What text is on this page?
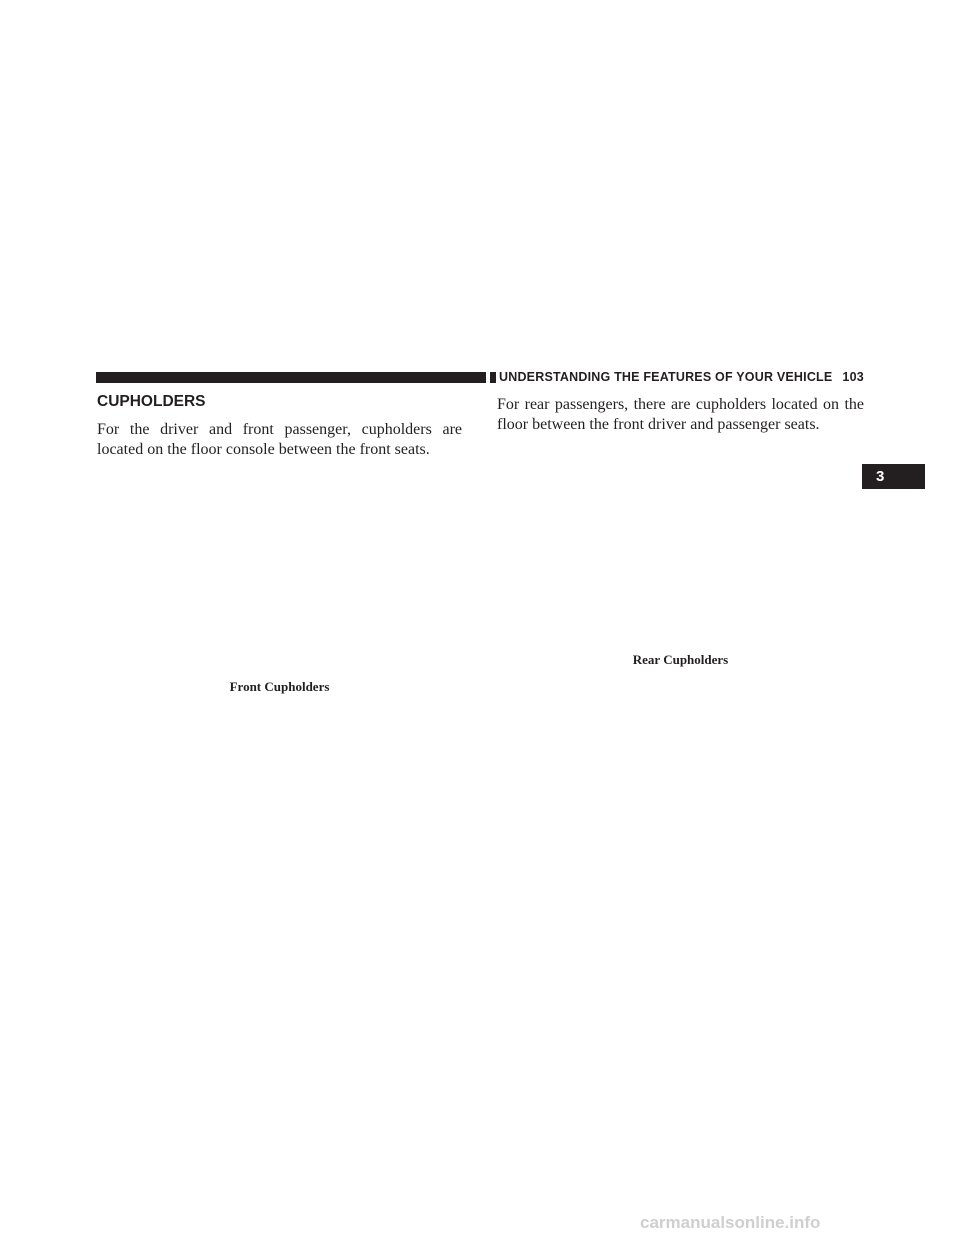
UNDERSTANDING THE FEATURES OF YOUR VEHICLE 103
CUPHOLDERS

For the driver and front passenger, cupholders are located on the floor console between the front seats.

For rear passengers, there are cupholders located on the floor between the front driver and passenger seats.

Front Cupholders
Rear Cupholders
3
carmanualsonline.info
